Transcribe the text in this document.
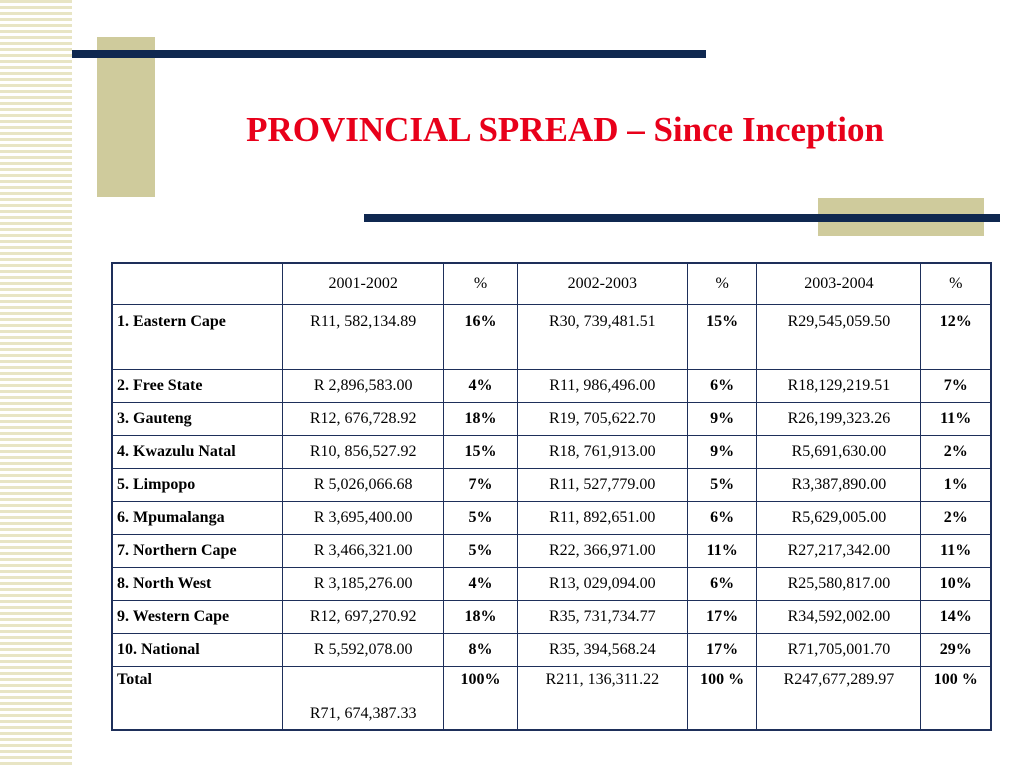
PROVINCIAL SPREAD – Since Inception
	2001-2002	%	2002-2003	%	2003-2004	%
1. Eastern Cape	R11, 582,134.89	16%	R30, 739,481.51	15%	R29,545,059.50	12%
2. Free State	R 2,896,583.00	4%	R11, 986,496.00	6%	R18,129,219.51	7%
3. Gauteng	R12, 676,728.92	18%	R19, 705,622.70	9%	R26,199,323.26	11%
4. Kwazulu Natal	R10, 856,527.92	15%	R18, 761,913.00	9%	R5,691,630.00	2%
5. Limpopo	R 5,026,066.68	7%	R11, 527,779.00	5%	R3,387,890.00	1%
6. Mpumalanga	R 3,695,400.00	5%	R11, 892,651.00	6%	R5,629,005.00	2%
7. Northern Cape	R 3,466,321.00	5%	R22, 366,971.00	11%	R27,217,342.00	11%
8. North West	R 3,185,276.00	4%	R13, 029,094.00	6%	R25,580,817.00	10%
9. Western Cape	R12, 697,270.92	18%	R35, 731,734.77	17%	R34,592,002.00	14%
10. National	R 5,592,078.00	8%	R35, 394,568.24	17%	R71,705,001.70	29%
Total	R71, 674,387.33	100%	R211, 136,311.22	100 %	R247,677,289.97	100 %
